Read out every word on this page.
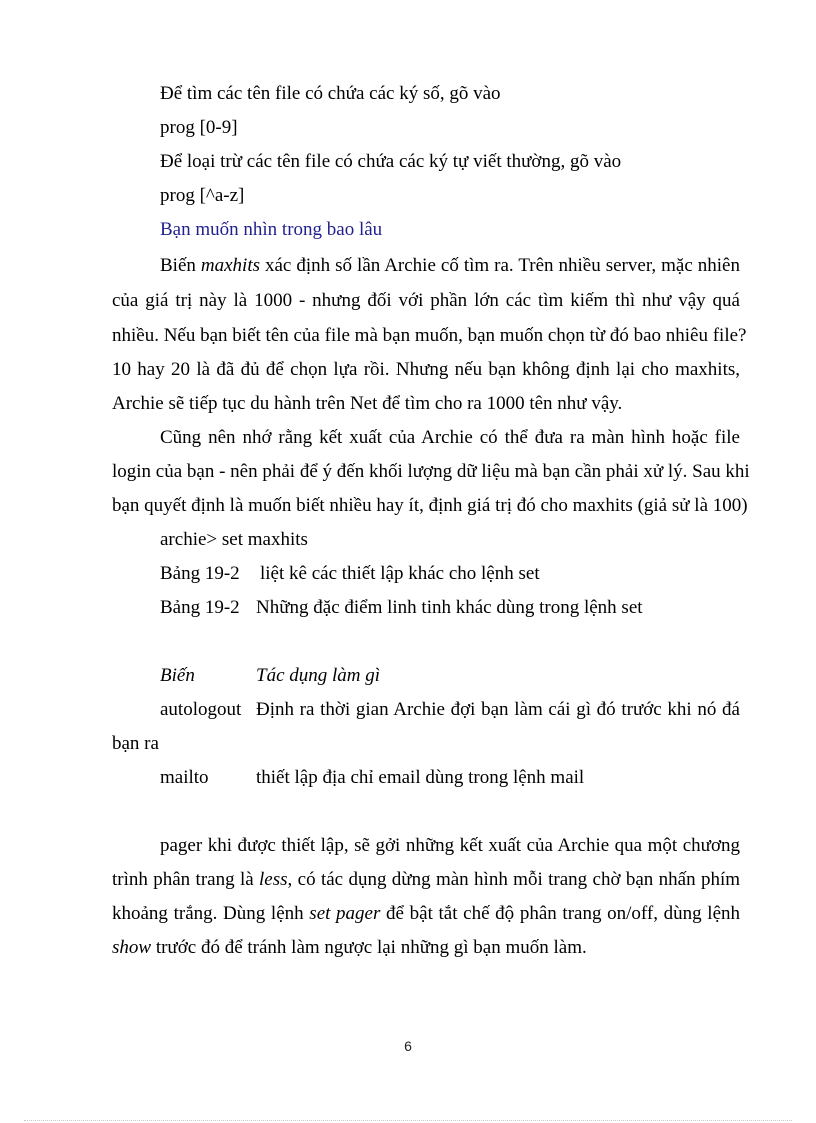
Để tìm các tên file có chứa các ký số, gõ vào
prog [0-9]
Để loại trừ các tên file có chứa các ký tự viết thường, gõ vào
prog [^a-z]
Bạn muốn nhìn trong bao lâu
Biến maxhits xác định số lần Archie cố tìm ra. Trên nhiều server, mặc nhiên
của giá trị này là 1000 - nhưng đối với phần lớn các tìm kiếm thì như vậy quá
nhiều. Nếu bạn biết tên của file mà bạn muốn, bạn muốn chọn từ đó bao nhiêu file?
10 hay 20 là đã đủ để chọn lựa rồi. Nhưng nếu bạn không định lại cho maxhits,
Archie sẽ tiếp tục du hành trên Net để tìm cho ra 1000 tên như vậy.
Cũng nên nhớ rằng kết xuất của Archie có thể đưa ra màn hình hoặc file
login của bạn - nên phải để ý đến khối lượng dữ liệu mà bạn cần phải xử lý. Sau khi
bạn quyết định là muốn biết nhiều hay ít, định giá trị đó cho maxhits (giả sử là 100)
archie> set maxhits
Bảng 19-2 liệt kê các thiết lập khác cho lệnh set
Bảng 19-2 Những đặc điểm linh tinh khác dùng trong lệnh set
Biến	Tác dụng làm gì
autologout Định ra thời gian Archie đợi bạn làm cái gì đó trước khi nó đá
bạn ra
mailto thiết lập địa chỉ email dùng trong lệnh mail
pager khi được thiết lập, sẽ gởi những kết xuất của Archie qua một chương
trình phân trang là less, có tác dụng dừng màn hình mỗi trang chờ bạn nhấn phím
khoảng trắng. Dùng lệnh set pager để bật tắt chế độ phân trang on/off, dùng lệnh
show trước đó để tránh làm ngược lại những gì bạn muốn làm.
6
